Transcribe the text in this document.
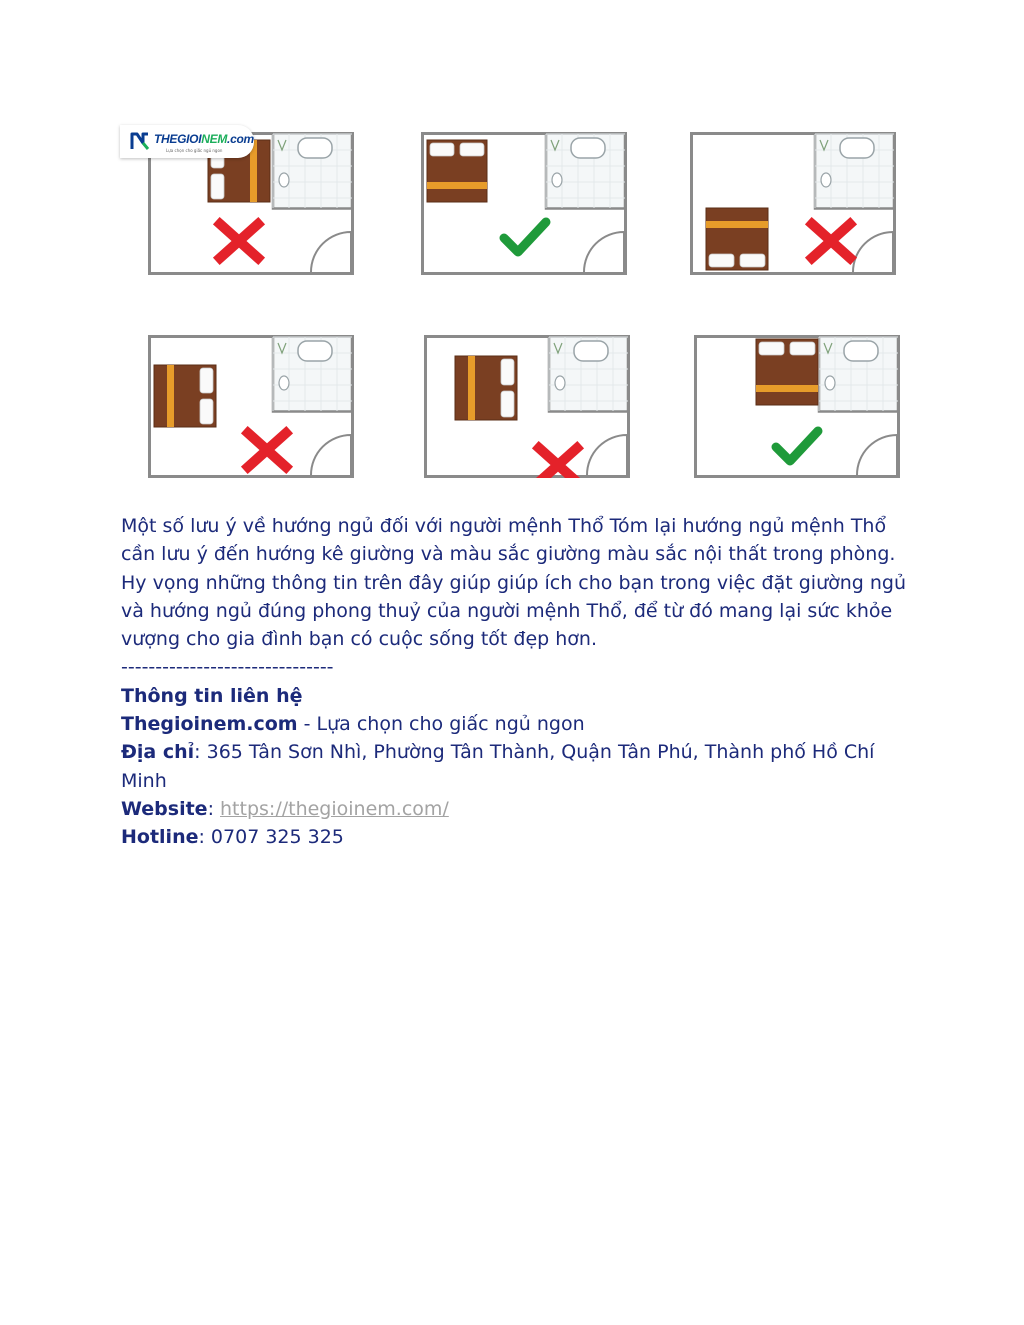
THEGIOINEM.com
Lựa chọn cho giấc ngủ ngon

Một số lưu ý về hướng ngủ đối với người mệnh Thổ Tóm lại hướng ngủ mệnh Thổ cần lưu ý đến hướng kê giường và màu sắc giường màu sắc nội thất trong phòng. Hy vọng những thông tin trên đây giúp giúp ích cho bạn trong việc đặt giường ngủ và hướng ngủ đúng phong thuỷ của người mệnh Thổ, để từ đó mang lại sức khỏe vượng cho gia đình bạn có cuộc sống tốt đẹp hơn.

-------------------------------

Thông tin liên hệ

Thegioinem.com - Lựa chọn cho giấc ngủ ngon

Địa chỉ: 365 Tân Sơn Nhì, Phường Tân Thành, Quận Tân Phú, Thành phố Hồ Chí Minh

Website: https://thegioinem.com/

Hotline: 0707 325 325
